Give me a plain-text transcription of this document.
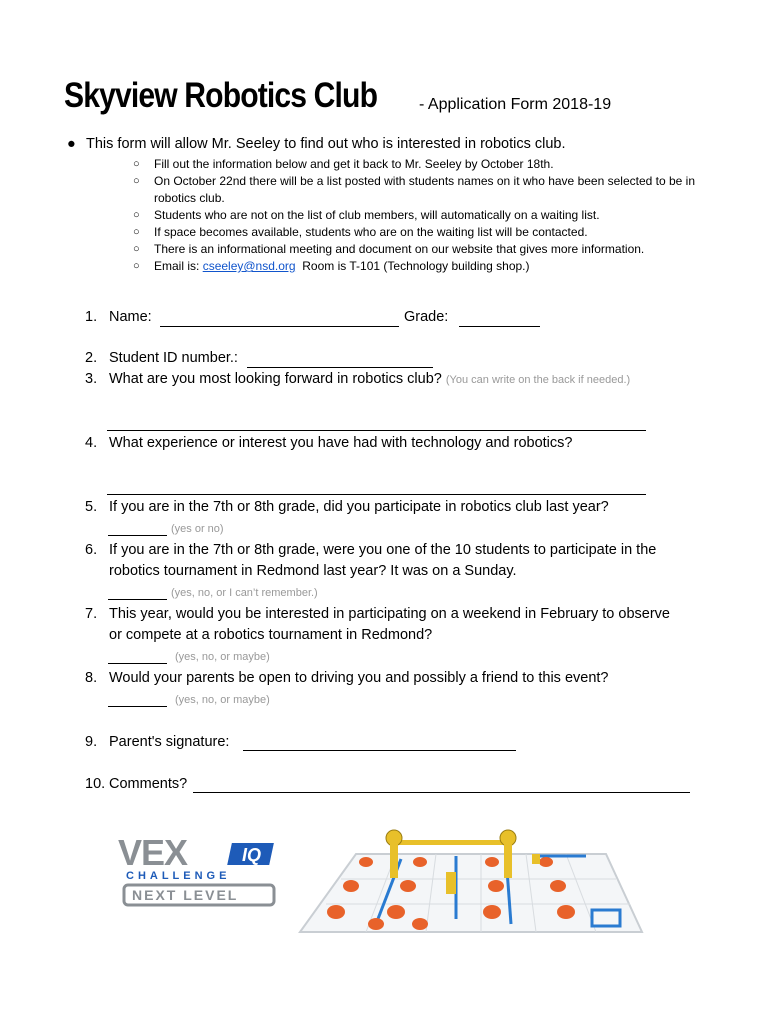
Skyview Robotics Club	- Application Form 2018-19
● This form will allow Mr. Seeley to find out who is interested in robotics club.
○ Fill out the information below and get it back to Mr. Seeley by October 18th.
○ On October 22nd there will be a list posted with students names on it who have been selected to be in robotics club.
○ Students who are not on the list of club members, will automatically on a waiting list.
○ If space becomes available, students who are on the waiting list will be contacted.
○ There is an informational meeting and document on our website that gives more information.
○ Email is: cseeley@nsd.org  Room is T-101 (Technology building shop.)
1. Name:	Grade:
2. Student ID number.:
3. What are you most looking forward in robotics club? (You can write on the back if needed.)
4. What experience or interest you have had with technology and robotics?
5. If you are in the 7th or 8th grade, did you participate in robotics club last year?
(yes or no)
6. If you are in the 7th or 8th grade, were you one of the 10 students to participate in the
robotics tournament in Redmond last year? It was on a Sunday.
(yes, no, or I can’t remember.)
7. This year, would you be interested in participating on a weekend in February to observe
or compete at a robotics tournament in Redmond?
(yes, no, or maybe)
8. Would your parents be open to driving you and possibly a friend to this event?
(yes, no, or maybe)
9. Parent's signature:
10. Comments?
VEX	IQ
CHALLENGE
NEXT LEVEL
